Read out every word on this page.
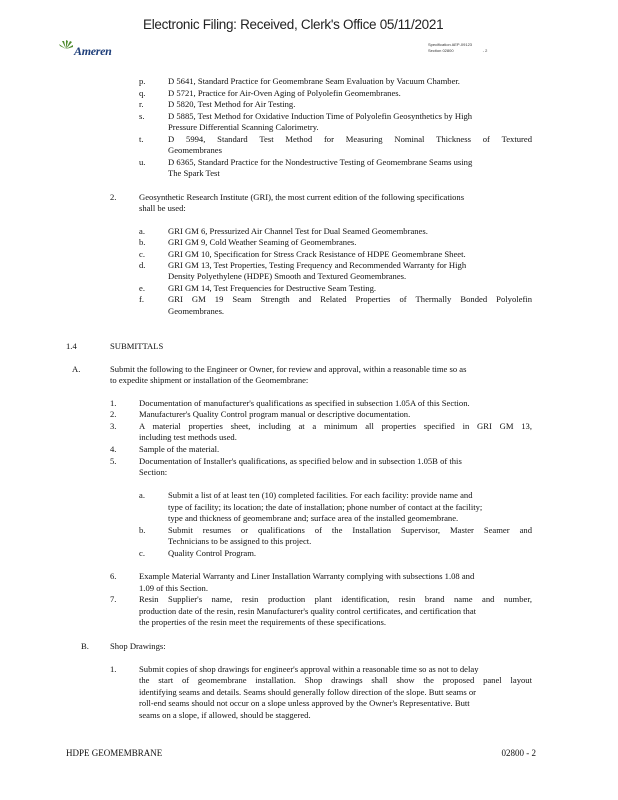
Electronic Filing: Received, Clerk's Office 05/11/2021
Ameren	Specification AEP-09123
Section 02800	- 2
p.	D 5641, Standard Practice for Geomembrane Seam Evaluation by Vacuum Chamber.
q.	D 5721, Practice for Air-Oven Aging of Polyolefin Geomembranes.
r.	D 5820, Test Method for Air Testing.
s.	D 5885, Test Method for Oxidative Induction Time of Polyolefin Geosynthetics by High
Pressure Differential Scanning Calorimetry.
t.	D 5994, Standard Test Method for Measuring Nominal Thickness of Textured
Geomembranes
u.	D 6365, Standard Practice for the Nondestructive Testing of Geomembrane Seams using
The Spark Test
2.	Geosynthetic Research Institute (GRI), the most current edition of the following specifications
shall be used:
a.	GRI GM 6, Pressurized Air Channel Test for Dual Seamed Geomembranes.
b.	GRI GM 9, Cold Weather Seaming of Geomembranes.
c.	GRI GM 10, Specification for Stress Crack Resistance of HDPE Geomembrane Sheet.
d.	GRI GM 13, Test Properties, Testing Frequency and Recommended Warranty for High
Density Polyethylene (HDPE) Smooth and Textured Geomembranes.
e.	GRI GM 14, Test Frequencies for Destructive Seam Testing.
f.	GRI GM 19 Seam Strength and Related Properties of Thermally Bonded Polyolefin
Geomembranes.
1.4	SUBMITTALS
A.	Submit the following to the Engineer or Owner, for review and approval, within a reasonable time so as
to expedite shipment or installation of the Geomembrane:
1.	Documentation of manufacturer's qualifications as specified in subsection 1.05A of this Section.
2.	Manufacturer's Quality Control program manual or descriptive documentation.
3.	A material properties sheet, including at a minimum all properties specified in GRI GM 13,
including test methods used.
4.	Sample of the material.
5.	Documentation of Installer's qualifications, as specified below and in subsection 1.05B of this
Section:
a.	Submit a list of at least ten (10) completed facilities. For each facility: provide name and
type of facility; its location; the date of installation; phone number of contact at the facility;
type and thickness of geomembrane and; surface area of the installed geomembrane.
b.	Submit resumes or qualifications of the Installation Supervisor, Master Seamer and
Technicians to be assigned to this project.
c.	Quality Control Program.
6.	Example Material Warranty and Liner Installation Warranty complying with subsections 1.08 and
1.09 of this Section.
7.	Resin Supplier's name, resin production plant identification, resin brand name and number,
production date of the resin, resin Manufacturer's quality control certificates, and certification that
the properties of the resin meet the requirements of these specifications.
B. Shop Drawings:
1.	Submit copies of shop drawings for engineer's approval within a reasonable time so as not to delay
the start of geomembrane installation. Shop drawings shall show the proposed panel layout
identifying seams and details. Seams should generally follow direction of the slope. Butt seams or
roll-end seams should not occur on a slope unless approved by the Owner's Representative. Butt
seams on a slope, if allowed, should be staggered.
HDPE GEOMEMBRANE	02800 - 2
